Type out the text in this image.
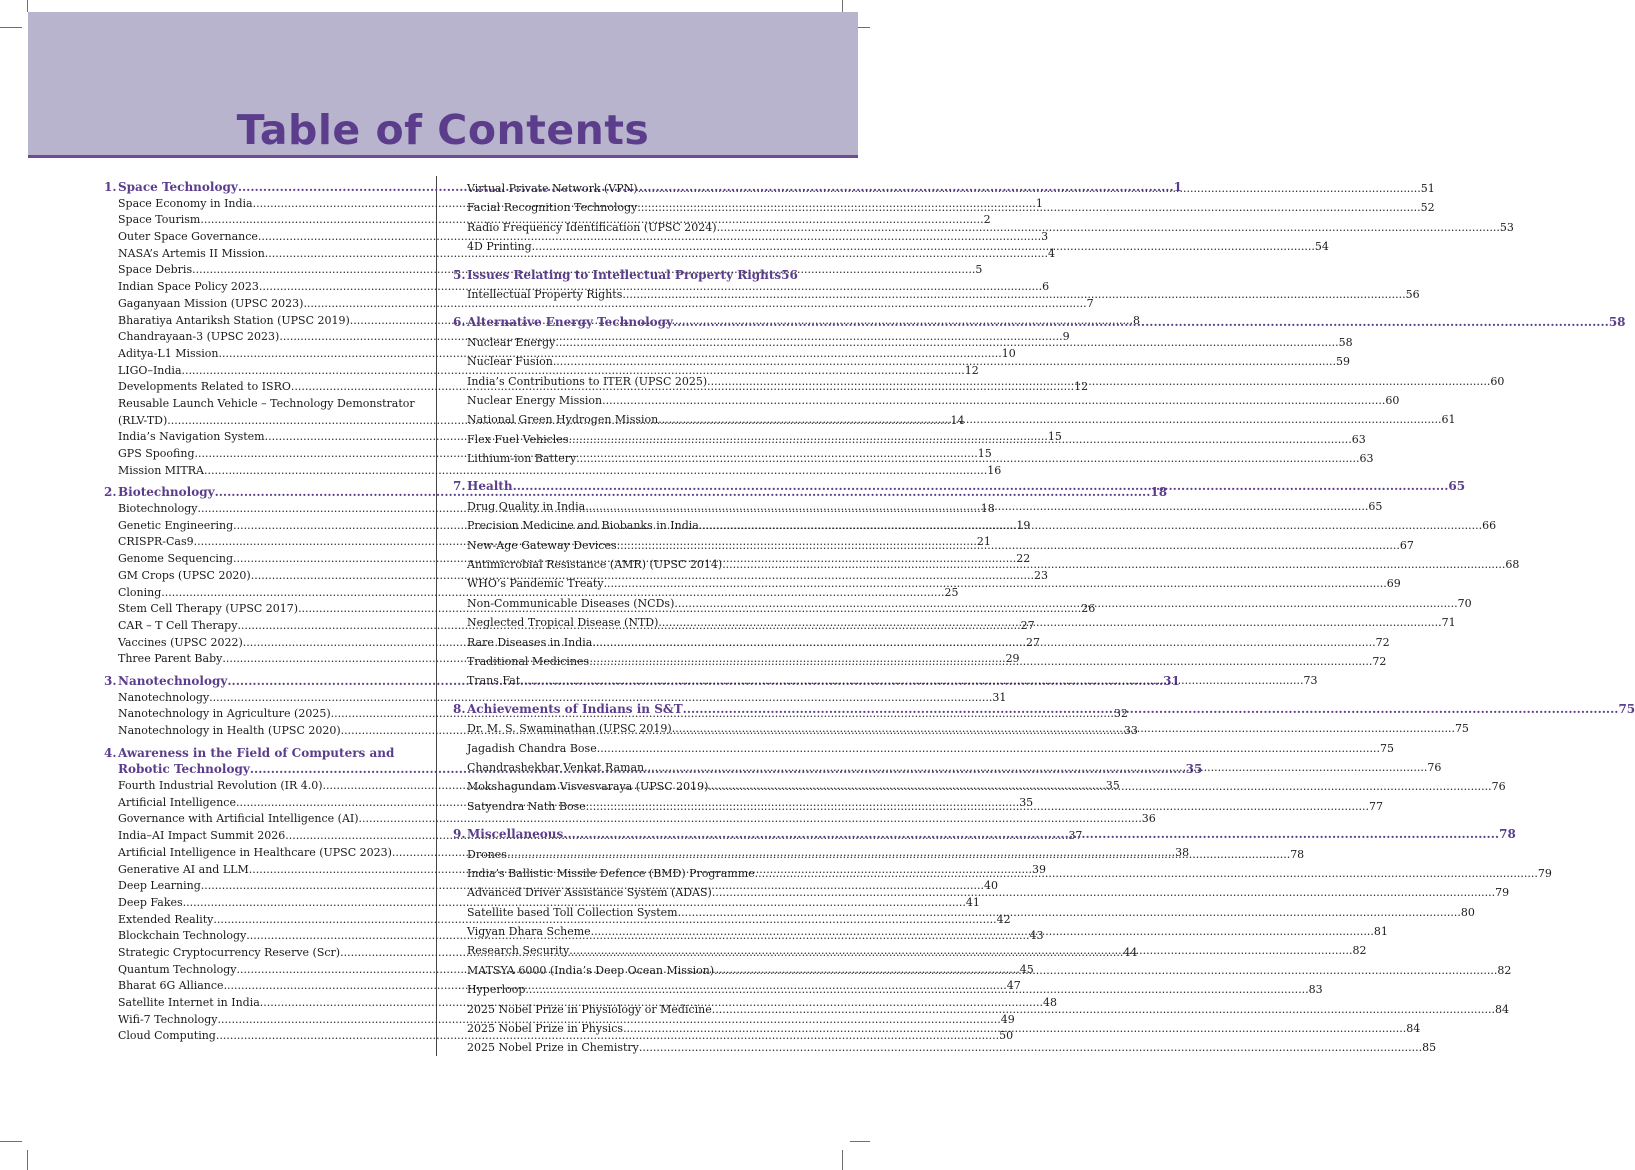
Table of Contents
1. Space Technology .....	1
Space Economy in India .....	1
Space Tourism .....	2
Outer Space Governance .....	3
NASA’s Artemis II Mission .....	4
Space Debris .....	5
Indian Space Policy 2023 .....	6
Gaganyaan Mission (UPSC 2023) .....	7
Bharatiya Antariksh Station (UPSC 2019) .....	8
Chandrayaan-3 (UPSC 2023) .....	9
Aditya-L1 Mission .....	10
LIGO–India .....	12
Developments Related to ISRO .....	12
Reusable Launch Vehicle – Technology Demonstrator
(RLV-TD) .....	14
India’s Navigation System .....	15
GPS Spoofing .....	15
Mission MITRA .....	16
2. Biotechnology .....	18
Biotechnology .....	18
Genetic Engineering .....	19
CRISPR-Cas9 .....	21
Genome Sequencing .....	22
GM Crops (UPSC 2020) .....	23
Cloning .....	25
Stem Cell Therapy (UPSC 2017) .....	26
CAR – T Cell Therapy .....	27
Vaccines (UPSC 2022) .....	27
Three Parent Baby .....	29
3. Nanotechnology .....	31
Nanotechnology .....	31
Nanotechnology in Agriculture (2025) .....	32
Nanotechnology in Health (UPSC 2020) .....	33
4. Awareness in the Field of Computers and
Robotic Technology .....	35
Fourth Industrial Revolution (IR 4.0) .....	35
Artificial Intelligence .....	35
Governance with Artificial Intelligence (AI) .....	36
India–AI Impact Summit 2026 .....	37
Artificial Intelligence in Healthcare (UPSC 2023) .....	38
Generative AI and LLM .....	39
Deep Learning .....	40
Deep Fakes .....	41
Extended Reality .....	42
Blockchain Technology .....	43
Strategic Cryptocurrency Reserve (Scr) .....	44
Quantum Technology .....	45
Bharat 6G Alliance .....	47
Satellite Internet in India .....	48
Wifi-7 Technology .....	49
Cloud Computing .....	50
Virtual Private Network (VPN) .....	51
Facial Recognition Technology .....	52
Radio Frequency Identification (UPSC 2024) .....	53
4D Printing .....	54
5. Issues Relating to Intellectual Property Rights 56
Intellectual Property Rights .....	56
6. Alternative Energy Technology .....	58
Nuclear Energy .....	58
Nuclear Fusion .....	59
India’s Contributions to ITER (UPSC 2025) .....	60
Nuclear Energy Mission .....	60
National Green Hydrogen Mission .....	61
Flex Fuel Vehicles .....	63
Lithium-ion Battery .....	63
7. Health .....	65
Drug Quality in India .....	65
Precision Medicine and Biobanks in India .....	66
New-Age Gateway Devices .....	67
Antimicrobial Resistance (AMR) (UPSC 2014) .....	68
WHO’s Pandemic Treaty .....	69
Non-Communicable Diseases (NCDs) .....	70
Neglected Tropical Disease (NTD) .....	71
Rare Diseases in India .....	72
Traditional Medicines .....	72
Trans Fat .....	73
8. Achievements of Indians in S&T .....	75
Dr. M. S. Swaminathan (UPSC 2019) .....	75
Jagadish Chandra Bose .....	75
Chandrashekhar Venkat Raman .....	76
Mokshagundam Visvesvaraya (UPSC 2019) .....	76
Satyendra Nath Bose .....	77
9. Miscellaneous .....	78
Drones .....	78
India’s Ballistic Missile Defence (BMD) Programme .....	79
Advanced Driver Assistance System (ADAS) .....	79
Satellite based Toll Collection System .....	80
Vigyan Dhara Scheme .....	81
Research Security .....	82
MATSYA 6000 (India’s Deep Ocean Mission) .....	82
Hyperloop .....	83
2025 Nobel Prize in Physiology or Medicine .....	84
2025 Nobel Prize in Physics .....	84
2025 Nobel Prize in Chemistry .....	85
